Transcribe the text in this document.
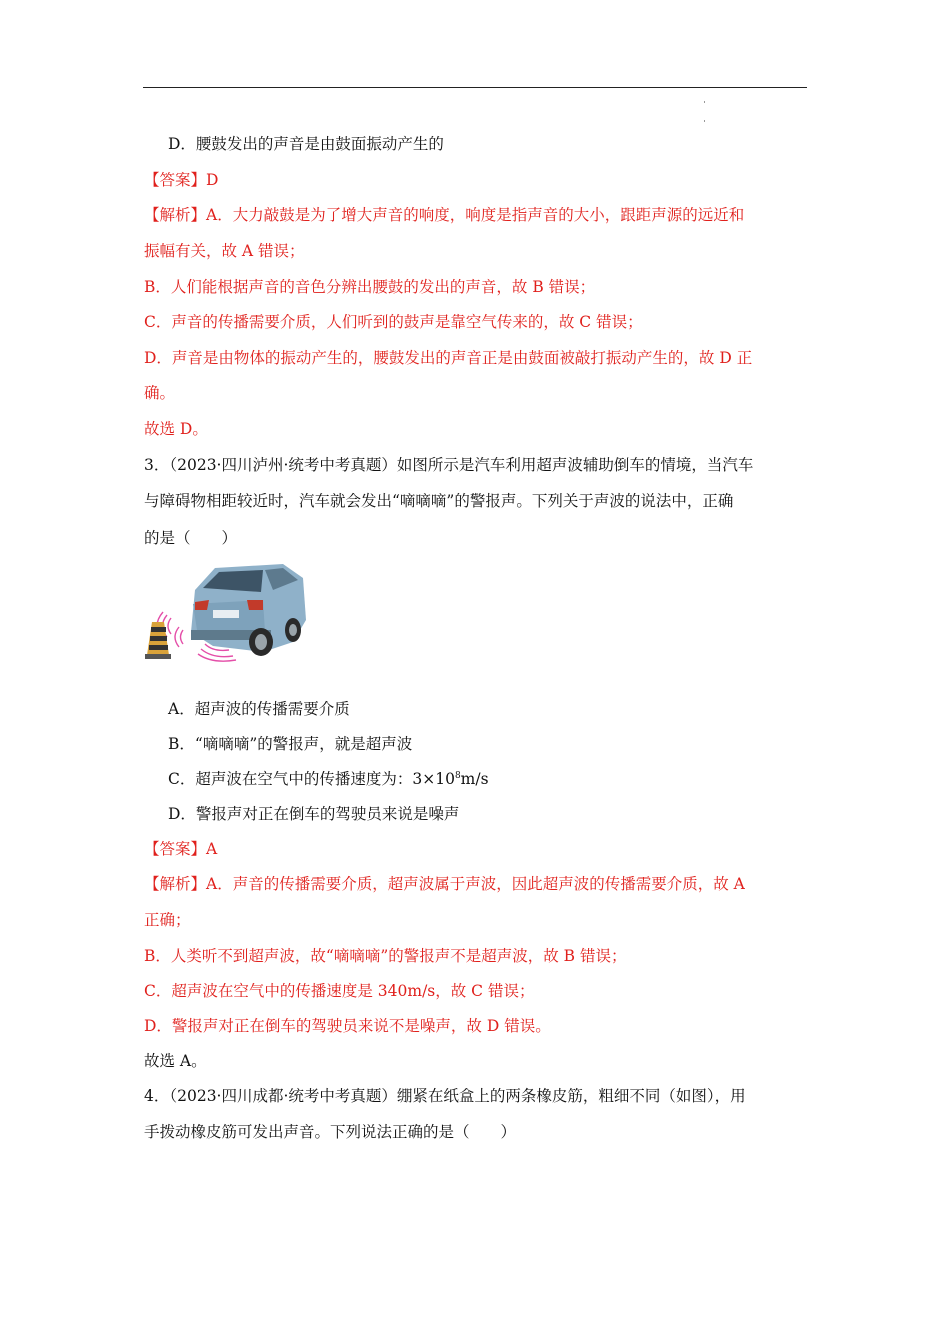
D．腰鼓发出的声音是由鼓面振动产生的
【答案】D
【解析】A．大力敲鼓是为了增大声音的响度，响度是指声音的大小，跟距声源的远近和
振幅有关，故 A 错误；
B．人们能根据声音的音色分辨出腰鼓的发出的声音，故 B 错误；
C．声音的传播需要介质，人们听到的鼓声是靠空气传来的，故 C 错误；
D．声音是由物体的振动产生的，腰鼓发出的声音正是由鼓面被敲打振动产生的，故 D 正
确。
故选 D。
3．（2023·四川泸州·统考中考真题）如图所示是汽车利用超声波辅助倒车的情境，当汽车
与障碍物相距较近时，汽车就会发出“嘀嘀嘀”的警报声。下列关于声波的说法中，正确
的是（　　）
A．超声波的传播需要介质
B．“嘀嘀嘀”的警报声，就是超声波
C．超声波在空气中的传播速度为：$3\times 10^8m/s$
D．警报声对正在倒车的驾驶员来说是噪声
【答案】A
【解析】A．声音的传播需要介质，超声波属于声波，因此超声波的传播需要介质，故 A
正确；
B．人类听不到超声波，故“嘀嘀嘀”的警报声不是超声波，故 B 错误；
C．超声波在空气中的传播速度是 340m/s，故 C 错误；
D．警报声对正在倒车的驾驶员来说不是噪声，故 D 错误。
故选 A。
4．（2023·四川成都·统考中考真题）绷紧在纸盒上的两条橡皮筋，粗细不同（如图），用
手拨动橡皮筋可发出声音。下列说法正确的是（　　）
